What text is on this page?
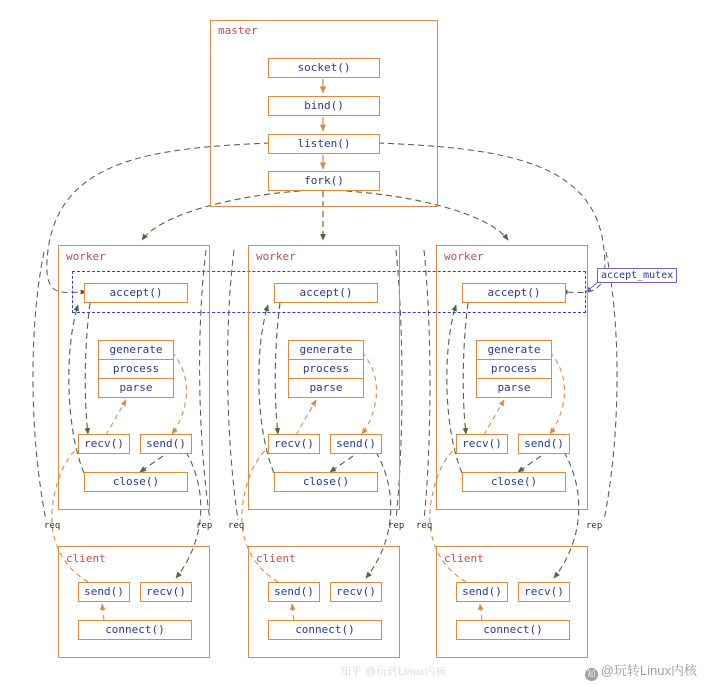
master
socket()
bind()
listen()
fork()
accept_mutex
worker
accept()
generate
process
parse
recv()	send()
close()
worker
accept()
generate
process
parse
recv()	send()
close()
worker
accept()
generate
process
parse
recv()	send()
close()
req	rep req	rep req	rep
client
send()	recv()
connect()
client
send()	recv()
connect()
client
send()	recv()
connect()
知乎 @玩转Linux内核	知 @玩转Linux内核
